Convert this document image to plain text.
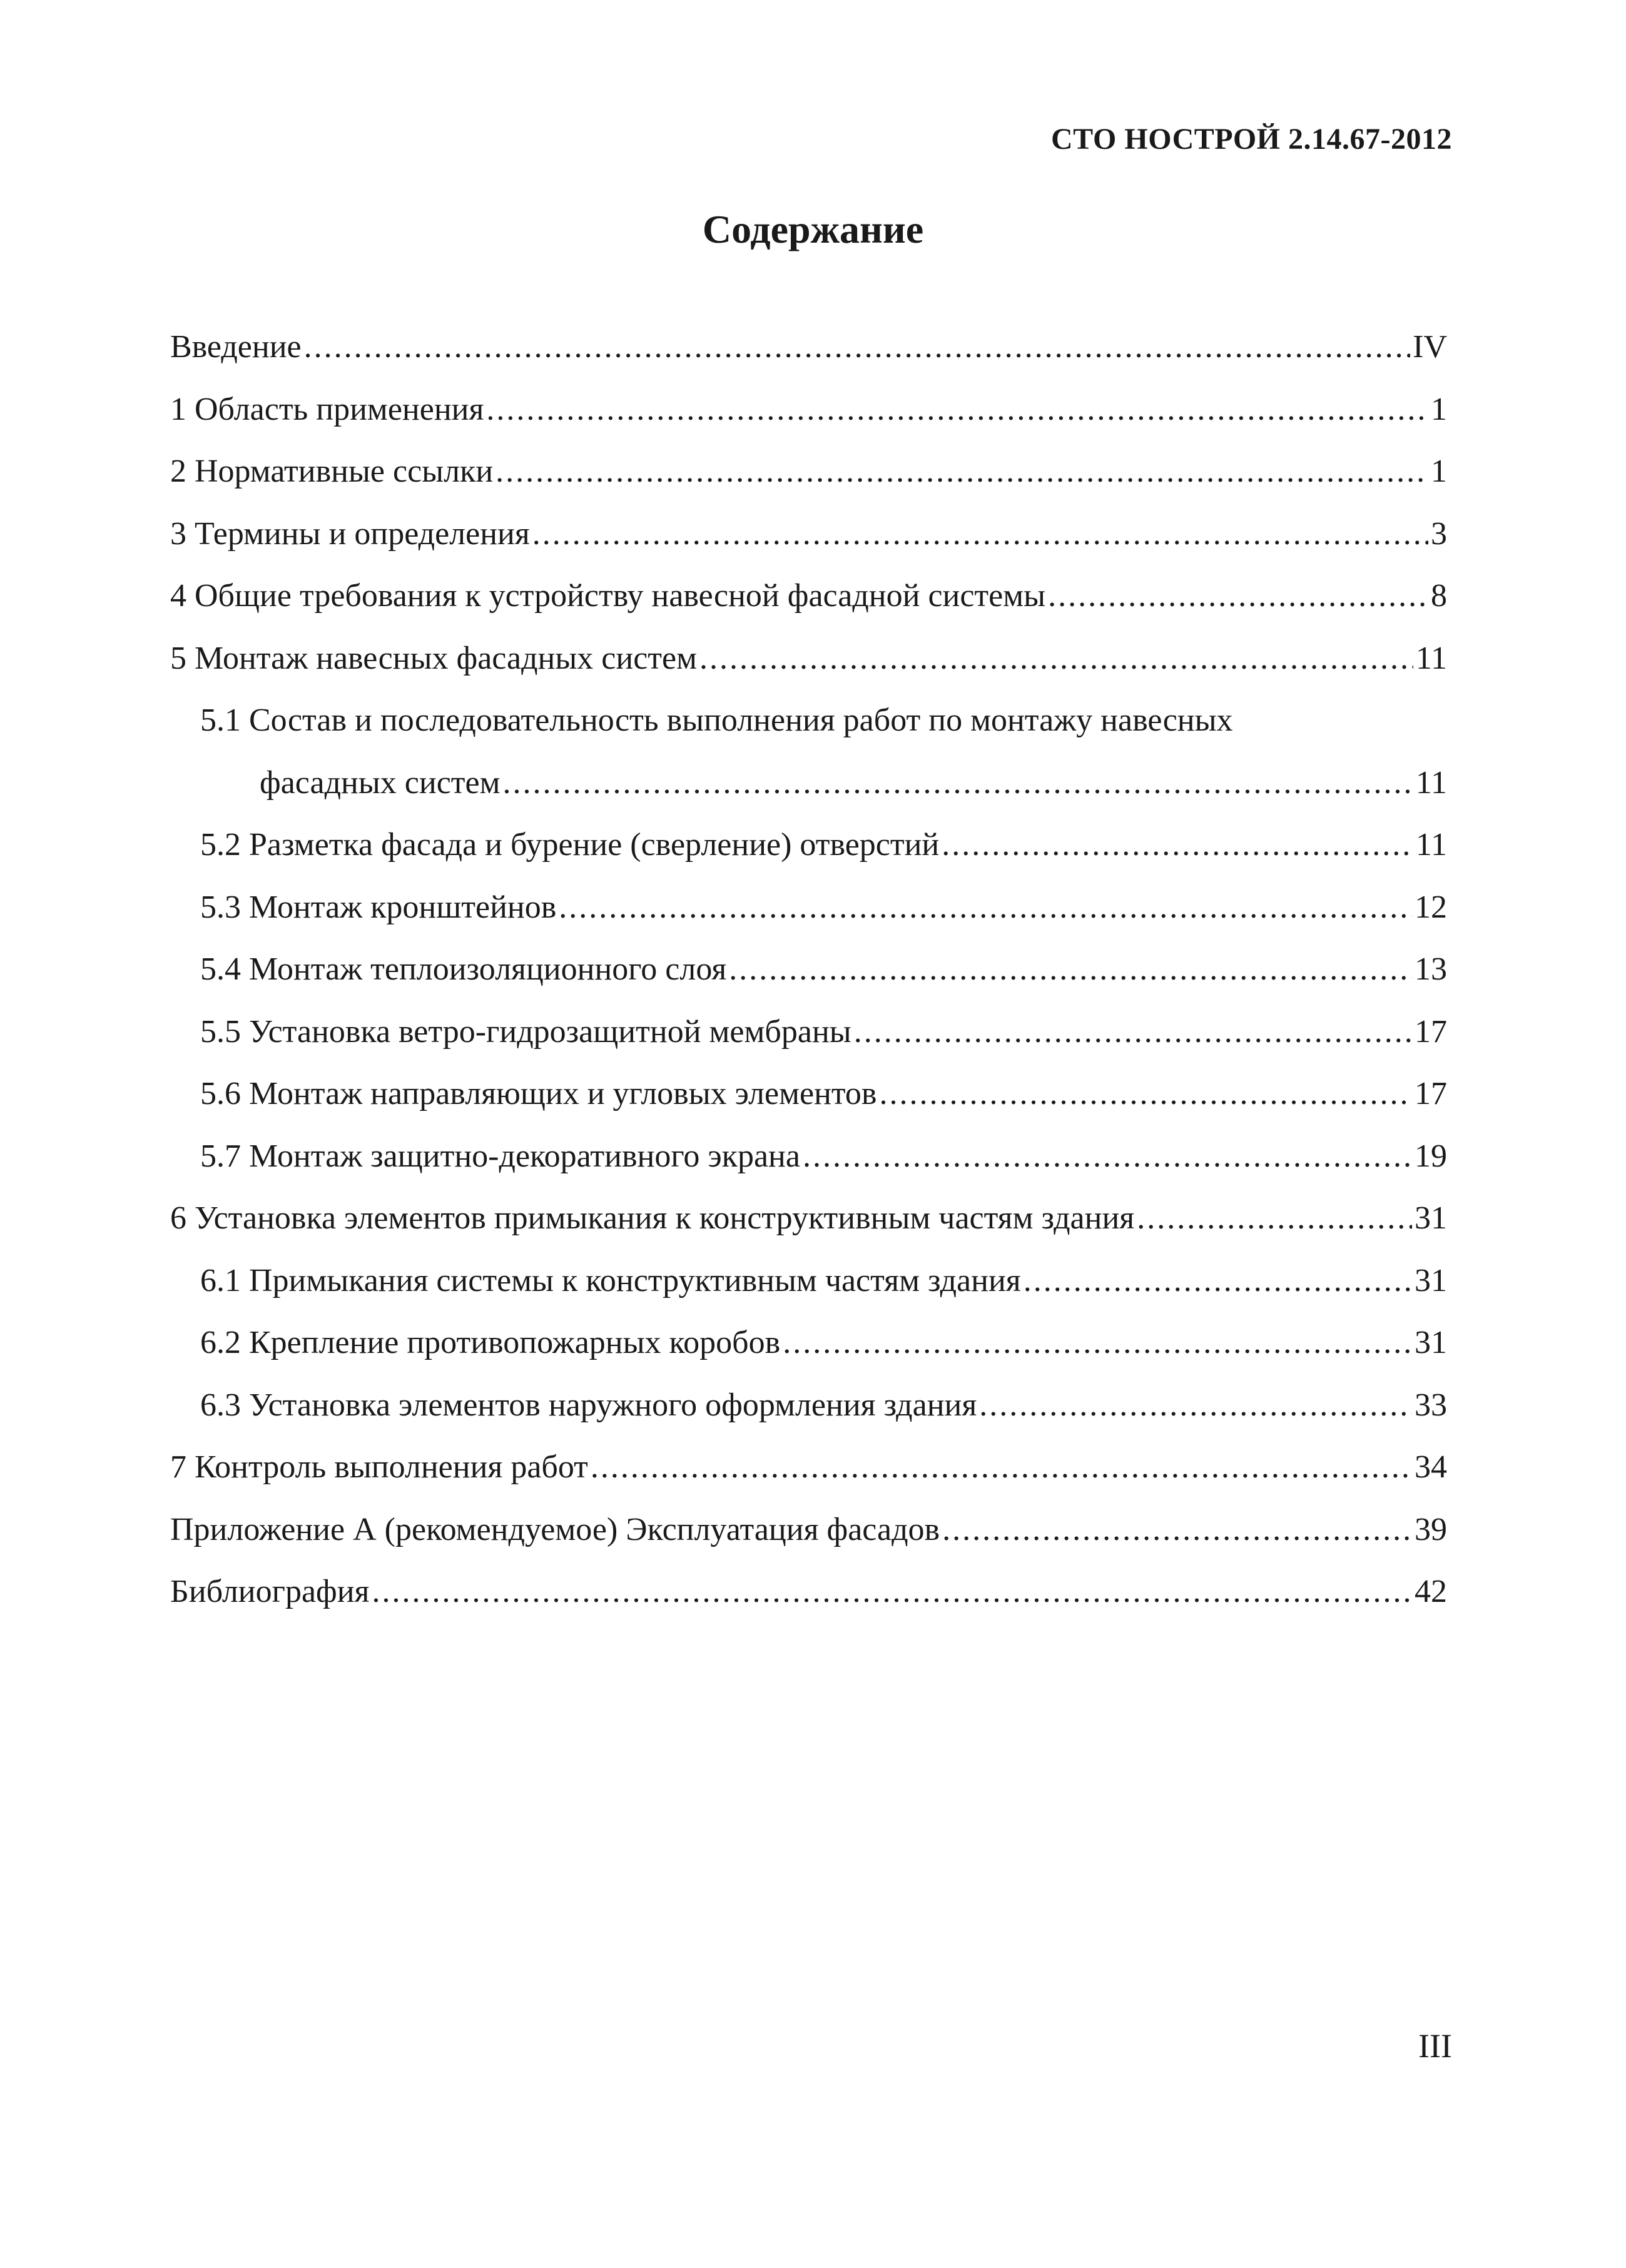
СТО НОСТРОЙ 2.14.67-2012
Содержание
Введение .....	IV
1 Область применения .....	1
2 Нормативные ссылки .....	1
3 Термины и определения .....	3
4 Общие требования к устройству навесной фасадной системы .....	8
5 Монтаж навесных фасадных систем .....	11
5.1 Состав и последовательность выполнения работ по монтажу навесных
фасадных систем .....	11
5.2 Разметка фасада и бурение (сверление) отверстий .....	11
5.3 Монтаж кронштейнов .....	12
5.4 Монтаж теплоизоляционного слоя .....	13
5.5 Установка ветро-гидрозащитной мембраны .....	17
5.6 Монтаж направляющих и угловых элементов .....	17
5.7 Монтаж защитно-декоративного экрана .....	19
6 Установка элементов примыкания к конструктивным частям здания .....	31
6.1 Примыкания системы к конструктивным частям здания .....	31
6.2 Крепление противопожарных коробов .....	31
6.3 Установка элементов наружного оформления здания .....	33
7 Контроль выполнения работ .....	34
Приложение А (рекомендуемое) Эксплуатация фасадов .....	39
Библиография .....	42
III
